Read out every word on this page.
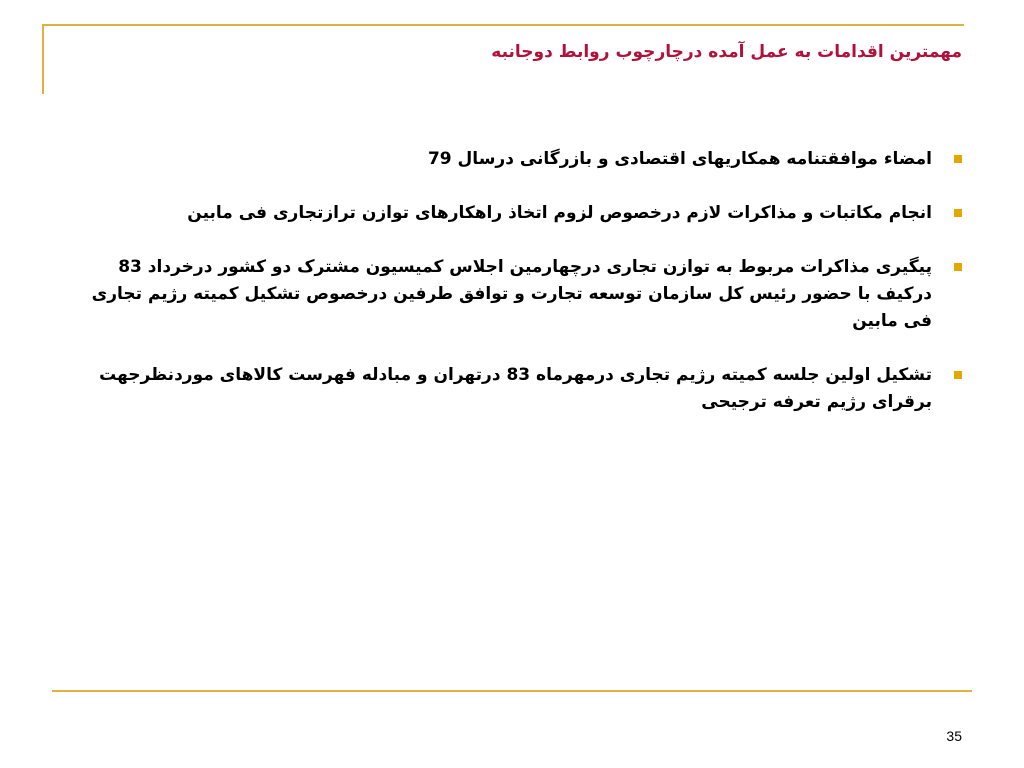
مهمترین اقدامات به عمل آمده درچارچوب روابط دوجانبه
امضاء موافقتنامه همکاریهای اقتصادی و بازرگانی درسال 79
انجام مکاتبات و مذاکرات لازم درخصوص لزوم اتخاذ راهکارهای توازن ترازتجاری فی مابین
پیگیری مذاکرات مربوط به توازن تجاری درچهارمین اجلاس کمیسیون مشترک دو کشور درخرداد 83 درکیف با حضور رئیس کل سازمان توسعه تجارت و توافق طرفین درخصوص تشکیل کمیته رژیم تجاری فی مابین
تشکیل اولین جلسه کمیته رژیم تجاری درمهرماه 83 درتهران و مبادله فهرست کالاهای موردنظرجهت برقرای رژیم تعرفه ترجیحی
35
